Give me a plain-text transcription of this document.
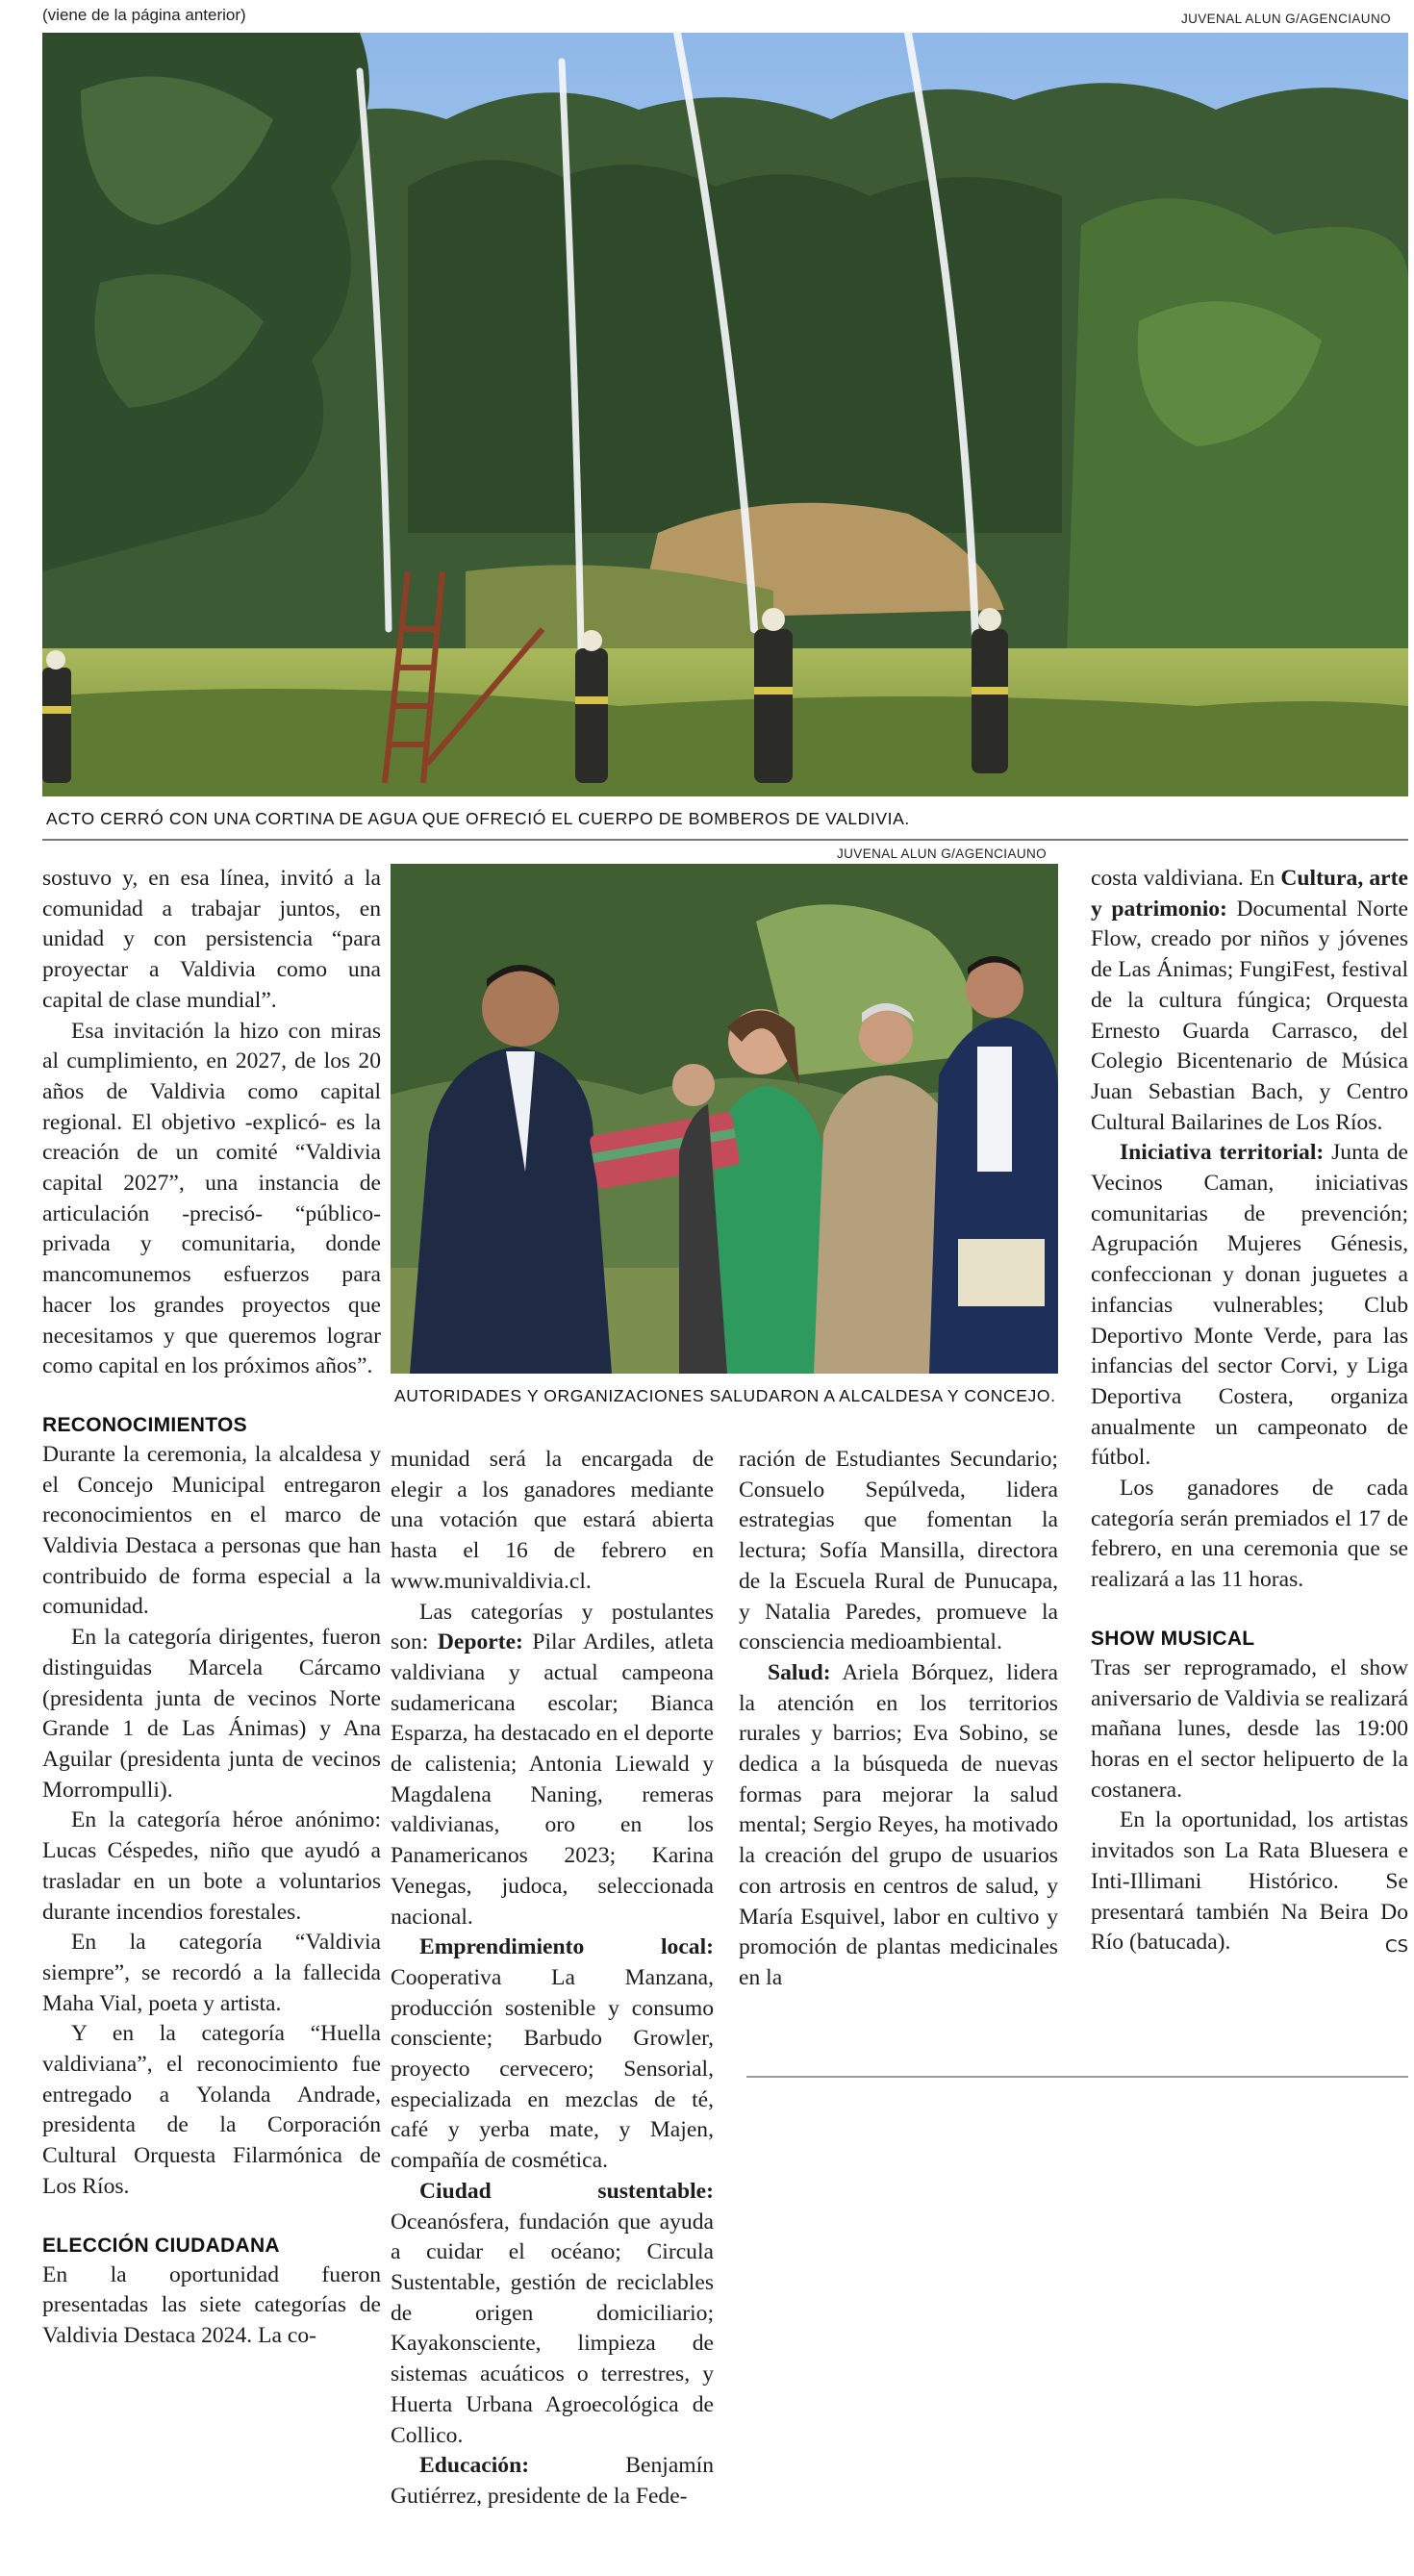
(viene de la página anterior)	JUVENAL ALUN G/AGENCIAUNO
ACTO CERRÓ CON UNA CORTINA DE AGUA QUE OFRECIÓ EL CUERPO DE BOMBEROS DE VALDIVIA.
JUVENAL ALUN G/AGENCIAUNO
AUTORIDADES Y ORGANIZACIONES SALUDARON A ALCALDESA Y CONCEJO.

sostuvo y, en esa línea, invitó a la comunidad a trabajar juntos, en unidad y con persistencia “para proyectar a Valdivia como una capital de clase mundial”.

Esa invitación la hizo con miras al cumplimiento, en 2027, de los 20 años de Valdivia como capital regional. El objetivo -explicó- es la creación de un comité “Valdivia capital 2027”, una instancia de articulación -precisó- “público-privada y comunitaria, donde mancomunemos esfuerzos para hacer los grandes proyectos que necesitamos y que queremos lograr como capital en los próximos años”.

RECONOCIMIENTOS

Durante la ceremonia, la alcaldesa y el Concejo Municipal entregaron reconocimientos en el marco de Valdivia Destaca a personas que han contribuido de forma especial a la comunidad.

En la categoría dirigentes, fueron distinguidas Marcela Cárcamo (presidenta junta de vecinos Norte Grande 1 de Las Ánimas) y Ana Aguilar (presidenta junta de vecinos Morrompulli).

En la categoría héroe anónimo: Lucas Céspedes, niño que ayudó a trasladar en un bote a voluntarios durante incendios forestales.

En la categoría “Valdivia siempre”, se recordó a la fallecida Maha Vial, poeta y artista.

Y en la categoría “Huella valdiviana”, el reconocimiento fue entregado a Yolanda Andrade, presidenta de la Corporación Cultural Orquesta Filarmónica de Los Ríos.

ELECCIÓN CIUDADANA

En la oportunidad fueron presentadas las siete categorías de Valdivia Destaca 2024. La co-

munidad será la encargada de elegir a los ganadores mediante una votación que estará abierta hasta el 16 de febrero en www.munivaldivia.cl.

Las categorías y postulantes son: Deporte: Pilar Ardiles, atleta valdiviana y actual campeona sudamericana escolar; Bianca Esparza, ha destacado en el deporte de calistenia; Antonia Liewald y Magdalena Naning, remeras valdivianas, oro en los Panamericanos 2023; Karina Venegas, judoca, seleccionada nacional.

Emprendimiento local: Cooperativa La Manzana, producción sostenible y consumo consciente; Barbudo Growler, proyecto cervecero; Sensorial, especializada en mezclas de té, café y yerba mate, y Majen, compañía de cosmética.

Ciudad sustentable: Oceanósfera, fundación que ayuda a cuidar el océano; Circula Sustentable, gestión de reciclables de origen domiciliario; Kayakonsciente, limpieza de sistemas acuáticos o terrestres, y Huerta Urbana Agroecológica de Collico.

Educación: Benjamín Gutiérrez, presidente de la Fede-

ración de Estudiantes Secundario; Consuelo Sepúlveda, lidera estrategias que fomentan la lectura; Sofía Mansilla, directora de la Escuela Rural de Punucapa, y Natalia Paredes, promueve la consciencia medioambiental.

Salud: Ariela Bórquez, lidera la atención en los territorios rurales y barrios; Eva Sobino, se dedica a la búsqueda de nuevas formas para mejorar la salud mental; Sergio Reyes, ha motivado la creación del grupo de usuarios con artrosis en centros de salud, y María Esquivel, labor en cultivo y promoción de plantas medicinales en la

costa valdiviana. En Cultura, arte y patrimonio: Documental Norte Flow, creado por niños y jóvenes de Las Ánimas; FungiFest, festival de la cultura fúngica; Orquesta Ernesto Guarda Carrasco, del Colegio Bicentenario de Música Juan Sebastian Bach, y Centro Cultural Bailarines de Los Ríos.

Iniciativa territorial: Junta de Vecinos Caman, iniciativas comunitarias de prevención; Agrupación Mujeres Génesis, confeccionan y donan juguetes a infancias vulnerables; Club Deportivo Monte Verde, para las infancias del sector Corvi, y Liga Deportiva Costera, organiza anualmente un campeonato de fútbol.

Los ganadores de cada categoría serán premiados el 17 de febrero, en una ceremonia que se realizará a las 11 horas.

SHOW MUSICAL

Tras ser reprogramado, el show aniversario de Valdivia se realizará mañana lunes, desde las 19:00 horas en el sector helipuerto de la costanera.

En la oportunidad, los artistas invitados son La Rata Bluesera e Inti-Illimani Histórico. Se presentará también Na Beira Do Río (batucada).	CS
